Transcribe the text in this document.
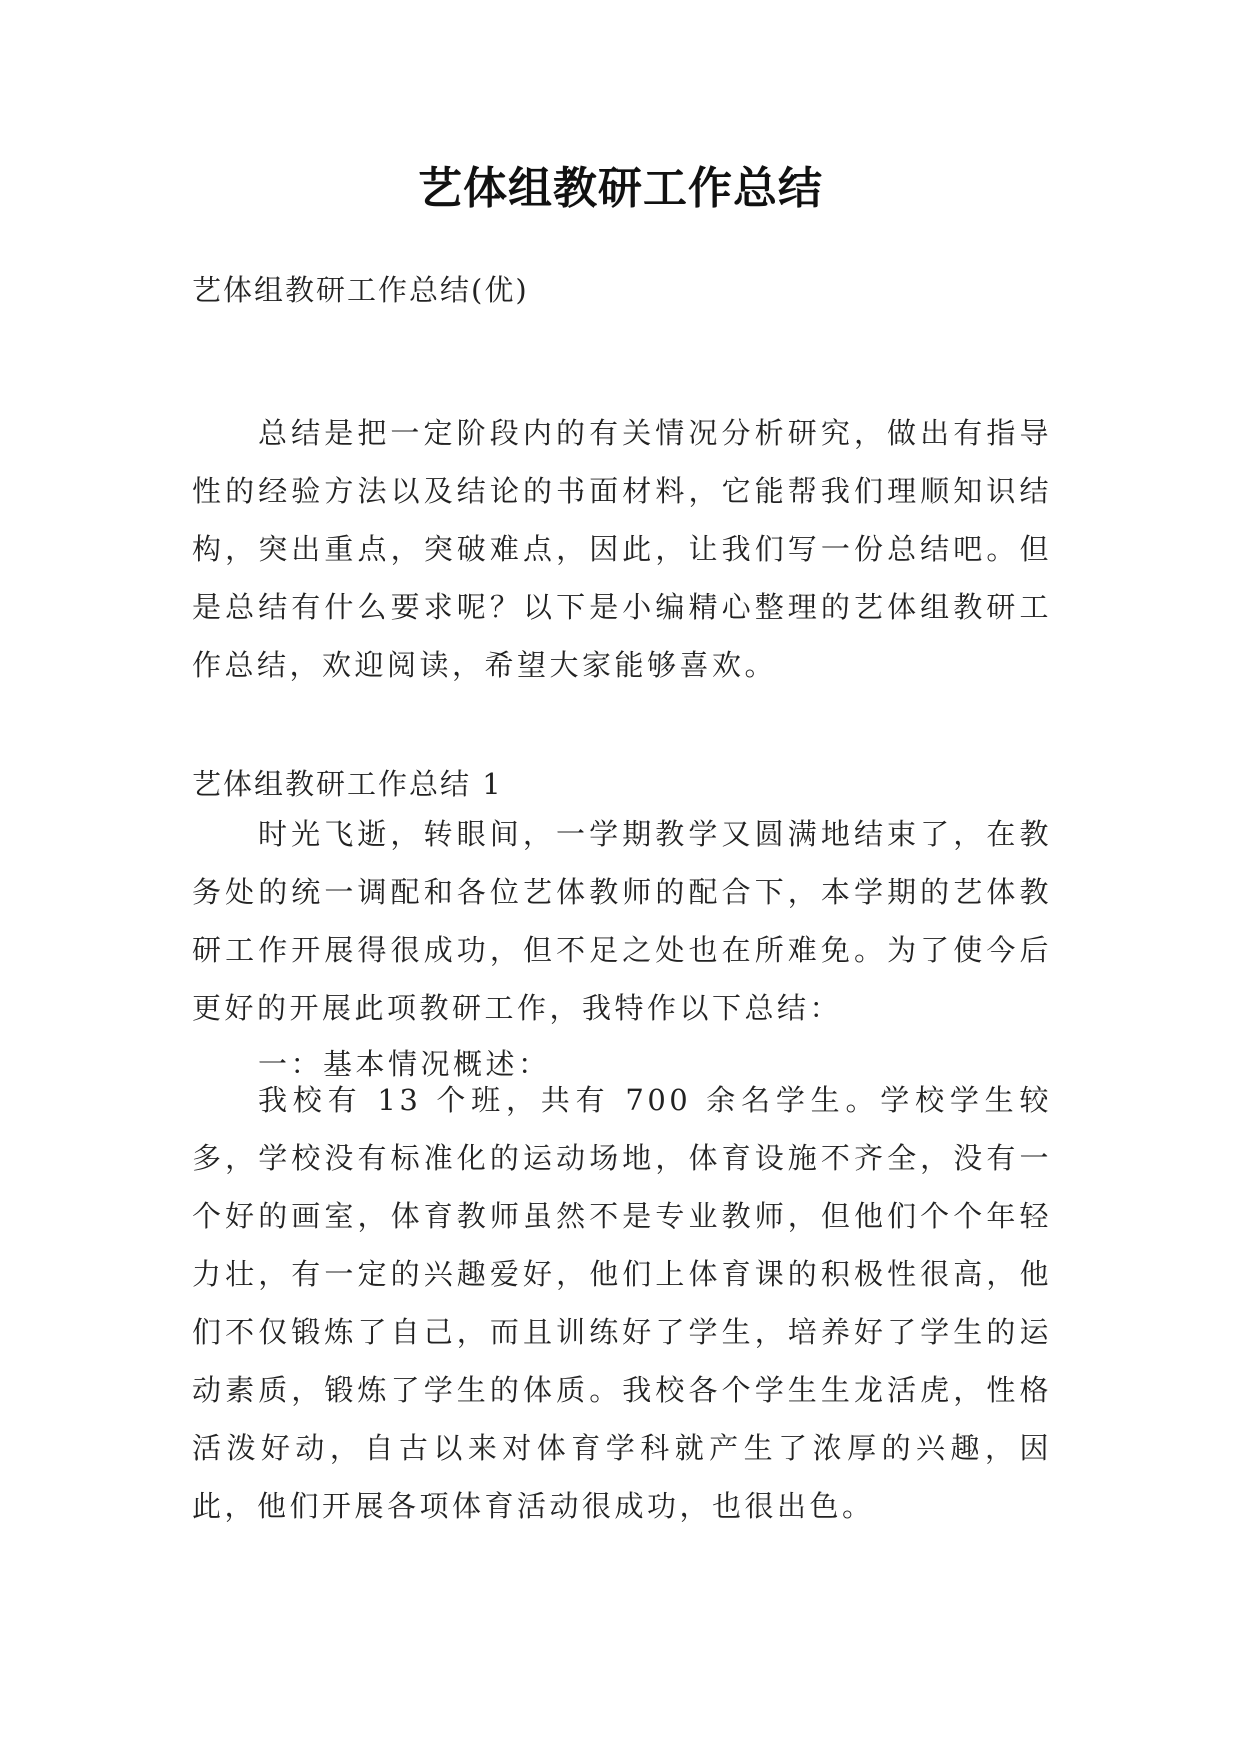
艺体组教研工作总结
艺体组教研工作总结(优)

总结是把一定阶段内的有关情况分析研究，做出有指导性的经验方法以及结论的书面材料，它能帮我们理顺知识结构，突出重点，突破难点，因此，让我们写一份总结吧。但是总结有什么要求呢？以下是小编精心整理的艺体组教研工作总结，欢迎阅读，希望大家能够喜欢。

艺体组教研工作总结 1

时光飞逝，转眼间，一学期教学又圆满地结束了，在教务处的统一调配和各位艺体教师的配合下，本学期的艺体教研工作开展得很成功，但不足之处也在所难免。为了使今后更好的开展此项教研工作，我特作以下总结：

一：基本情况概述：

我校有 13 个班，共有 700 余名学生。学校学生较多，学校没有标准化的运动场地，体育设施不齐全，没有一个好的画室，体育教师虽然不是专业教师，但他们个个年轻力壮，有一定的兴趣爱好，他们上体育课的积极性很高，他们不仅锻炼了自己，而且训练好了学生，培养好了学生的运动素质，锻炼了学生的体质。我校各个学生生龙活虎，性格活泼好动，自古以来对体育学科就产生了浓厚的兴趣，因此，他们开展各项体育活动很成功，也很出色。
